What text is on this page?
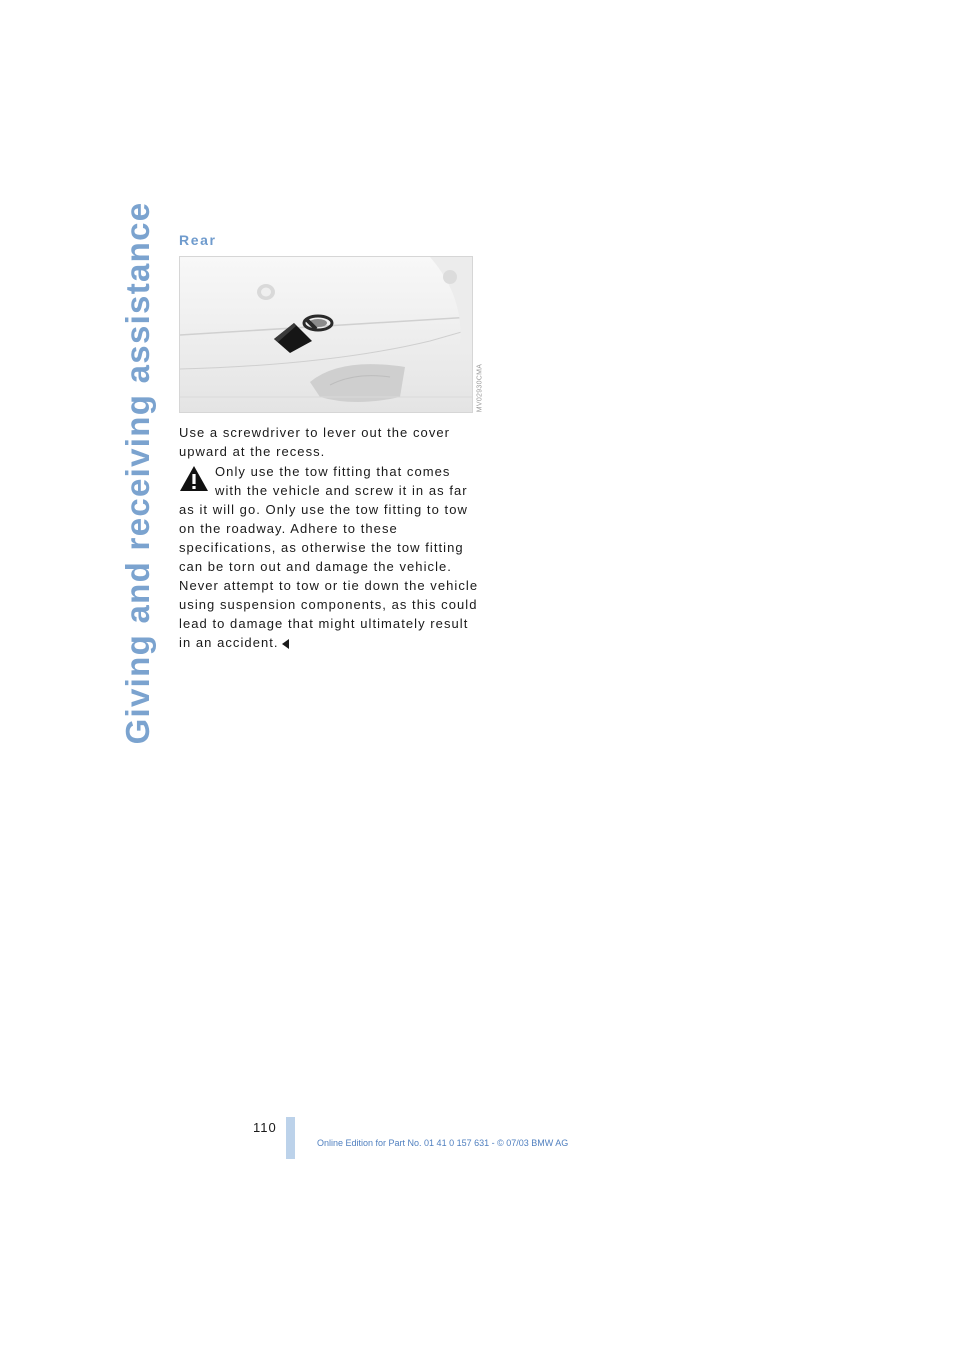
Giving and receiving assistance Rear
MV02930CMA

Use a screwdriver to lever out the cover upward at the recess.

Only use the tow fitting that comes with the vehicle and screw it in as far as it will go. Only use the tow fitting to tow on the roadway. Adhere to these specifications, as otherwise the tow fitting can be torn out and damage the vehicle.
Never attempt to tow or tie down the vehicle using suspension components, as this could lead to damage that might ultimately result in an accident.
110
Online Edition for Part No. 01 41 0 157 631 - © 07/03 BMW AG
